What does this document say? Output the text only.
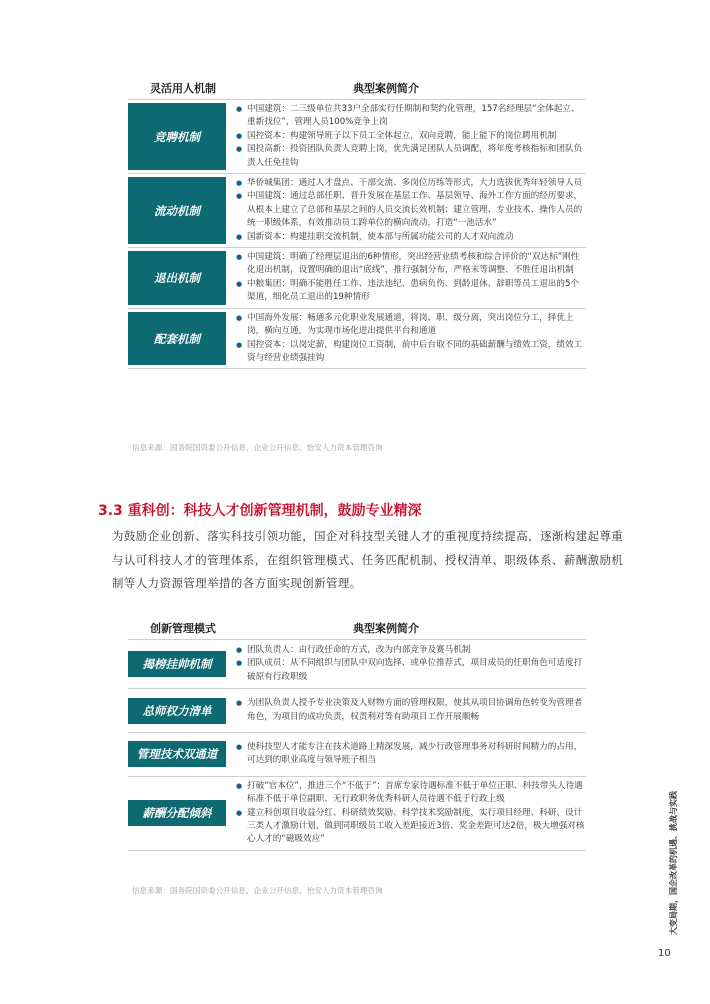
灵活用人机制	典型案例简介
竞聘机制
● 中国建筑：二三级单位共33户全部实行任期制和契约化管理，157名经理层“全体起立、重新找位”，管理人员100%竞争上岗
● 国控资本：构建领导班子以下员工全体起立，双向竞聘，能上能下的岗位聘用机制
● 国投高新：投资团队负责人竞聘上岗，优先满足团队人员调配，将年度考核指标和团队负责人任免挂钩
流动机制
● 华侨城集团：通过人才盘点、干部交流、多岗位历练等形式，大力选拔优秀年轻领导人员
● 中国建筑：通过总部任职、晋升发展在基层工作、基层领导、海外工作方面的经历要求，从根本上建立了总部和基层之间的人员交流长效机制；建立管理、专业技术、操作人员的统一职级体系，有效推动员工跨单位的横向流动，打造“一池活水”
● 国新资本：构建挂职交流机制，使本部与所属功能公司的人才双向流动
退出机制
● 中国建筑：明确了经理层退出的6种情形，突出经营业绩考核和综合评价的“双达标”刚性化退出机制，设置明确的退出“底线”，推行强制分布，严格末等调整、不胜任退出机制
● 中粮集团：明确不能胜任工作、违法违纪、患病负伤、到龄退休、辞职等员工退出的5个渠道，细化员工退出的19种情形
配套机制
● 中国海外发展：畅通多元化职业发展通道，将岗、职、级分离，突出岗位分工，择优上岗，横向互通，为实现市场化进出提供平台和通道
● 国控资本：以岗定薪，构建岗位工资制，前中后台取不同的基础薪酬与绩效工资，绩效工资与经营业绩强挂钩
信息来源：国务院国资委公开信息、企业公开信息、怡安人力资本管理咨询
3.3 重科创：科技人才创新管理机制，鼓励专业精深
为鼓励企业创新、落实科技引领功能，国企对科技型关键人才的重视度持续提高，逐渐构建起尊重与认可科技人才的管理体系，在组织管理模式、任务匹配机制、授权清单、职级体系、薪酬激励机制等人力资源管理举措的各方面实现创新管理。
创新管理模式	典型案例简介
揭榜挂帅机制
● 团队负责人：由行政任命的方式，改为内部竞争及赛马机制
● 团队成员：从不同组织与团队中双向选择、或单位推荐式，项目成员的任职角色可适度打破原有行政职级
总师权力清单
● 为团队负责人授予专业决策及人财物方面的管理权限，使其从项目协调角色转变为管理者角色，为项目的成功负责，权责利对等有助项目工作开展顺畅
管理技术双通道
● 使科技型人才能专注在技术道路上精深发展，减少行政管理事务对科研时间精力的占用，可达到的职业高度与领导班子相当
薪酬分配倾斜
● 打破“官本位”，推进三个“不低于”：首席专家待遇标准不低于单位正职、科技带头人待遇标准不低于单位副职、无行政职务优秀科研人员待遇不低于行政上级
● 建立科创项目收益分红、科研绩效奖励、科学技术奖励制度，实行项目经理、科研、设计三类人才激励计划，做到同职级员工收入差距接近3倍、奖金差距可达2倍，极大增强对核心人才的“磁吸效应”
信息来源：国务院国资委公开信息、企业公开信息、怡安人力资本管理咨询	大变局期，国企改革的机遇、挑战与实践
10
